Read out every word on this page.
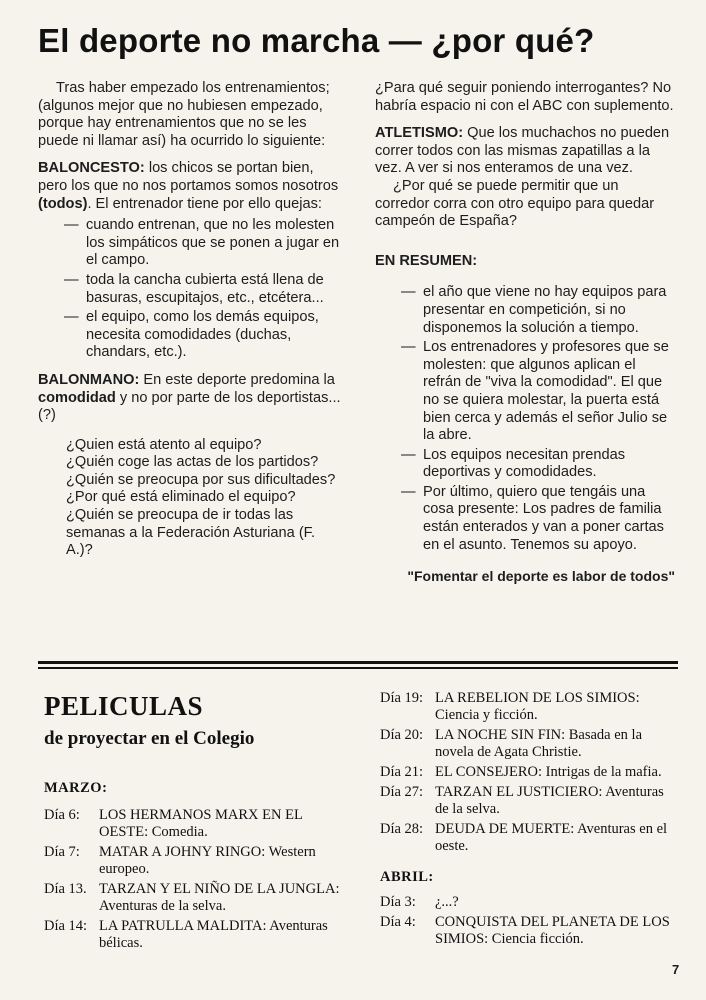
El deporte no marcha — ¿por qué?

Tras haber empezado los entrenamientos; (algunos mejor que no hubiesen empezado, porque hay entrenamientos que no se les puede ni llamar así) ha ocurrido lo siguiente:

BALONCESTO: los chicos se portan bien, pero los que no nos portamos somos nosotros (todos). El entrenador tiene por ello quejas:

— cuando entrenan, que no les molesten los simpáticos que se ponen a jugar en el campo.
— toda la cancha cubierta está llena de basuras, escupitajos, etc., etcétera...
— el equipo, como los demás equipos, necesita comodidades (duchas, chandars, etc.).

BALONMANO: En este deporte predomina la comodidad y no por parte de los deportistas... (?)

¿Quien está atento al equipo?

¿Quién coge las actas de los partidos?

¿Quién se preocupa por sus dificultades?

¿Por qué está eliminado el equipo?

¿Quién se preocupa de ir todas las semanas a la Federación Asturiana (F. A.)?

¿Para qué seguir poniendo interrogantes? No habría espacio ni con el ABC con suplemento.

ATLETISMO: Que los muchachos no pueden correr todos con las mismas zapatillas a la vez. A ver si nos enteramos de una vez.

¿Por qué se puede permitir que un corredor corra con otro equipo para quedar campeón de España?

EN RESUMEN:

— el año que viene no hay equipos para presentar en competición, si no disponemos la solución a tiempo.
— Los entrenadores y profesores que se molesten: que algunos aplican el refrán de "viva la comodidad". El que no se quiera molestar, la puerta está bien cerca y además el señor Julio se la abre.
— Los equipos necesitan prendas deportivas y comodidades.
— Por último, quiero que tengáis una cosa presente: Los padres de familia están enterados y van a poner cartas en el asunto. Tenemos su apoyo.

"Fomentar el deporte es labor de todos"

PELICULAS
de proyectar en el Colegio
MARZO:
Día 6:	LOS HERMANOS MARX EN EL OESTE: Comedia.
Día 7:	MATAR A JOHNY RINGO: Western europeo.
Día 13. TARZAN Y EL NIÑO DE LA JUNGLA: Aventuras de la selva.
Día 14: LA PATRULLA MALDITA: Aventuras bélicas.
Día 19: LA REBELION DE LOS SIMIOS: Ciencia y ficción.
Día 20: LA NOCHE SIN FIN: Basada en la novela de Agata Christie.
Día 21: EL CONSEJERO: Intrigas de la mafia.
Día 27: TARZAN EL JUSTICIERO: Aventuras de la selva.
Día 28: DEUDA DE MUERTE: Aventuras en el oeste.
ABRIL:
Día 3:	¿...?
Día 4:	CONQUISTA DEL PLANETA DE LOS SIMIOS: Ciencia ficción.
7
